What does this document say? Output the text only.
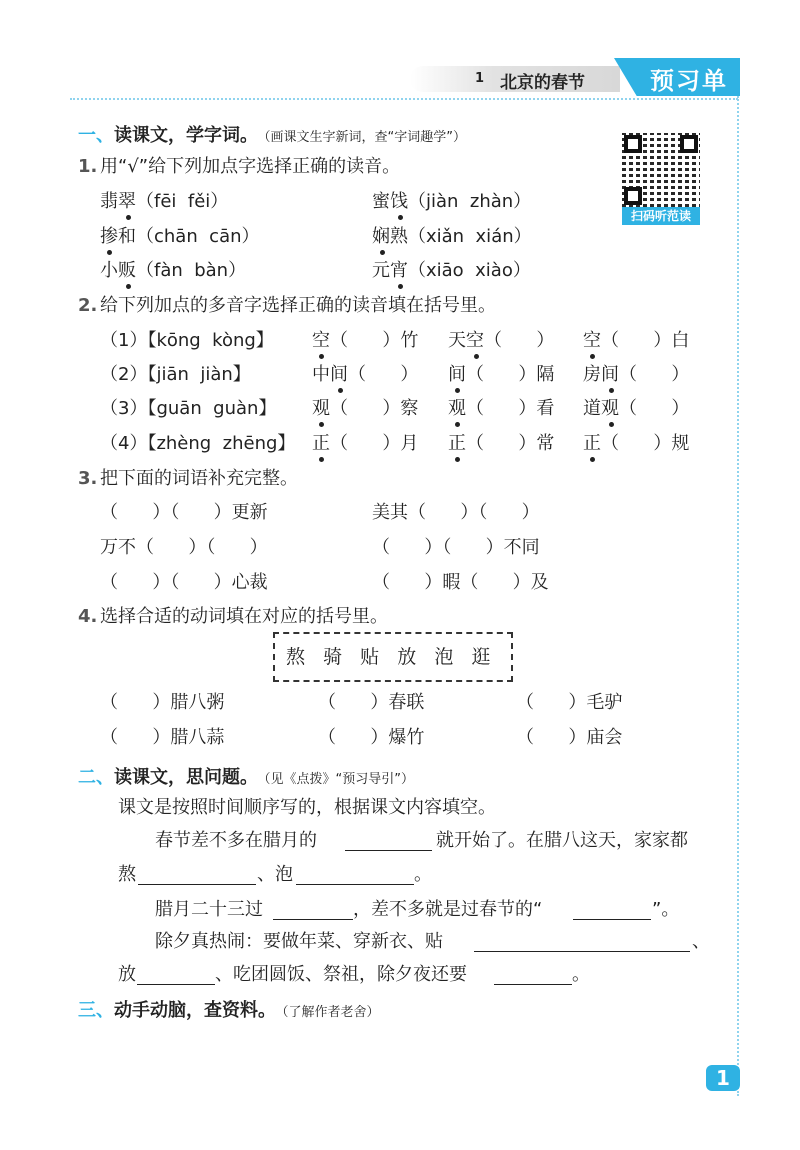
1 北京的春节	预习单
扫码听范读
一、读课文，学字词。 （画课文生字新词，查“字词趣学”）
1. 用“√”给下列加点字选择正确的读音。
翡翠（fēi  fěi）	蜜饯（jiàn  zhàn）
掺和（chān  cān）	娴熟（xiǎn  xián）
小贩（fàn  bàn）	元宵（xiāo  xiào）
2. 给下列加点的多音字选择正确的读音填在括号里。
（1）【kōng  kòng】 空（      ）竹 天空（      ） 空（      ）白
（2）【jiān  jiàn】	中间（      ） 间（      ）隔 房间（      ）
（3）【guān  guàn】 观（      ）察 观（      ）看 道观（      ）
（4）【zhèng  zhēng】 正（      ）月 正（      ）常 正（      ）规
3. 把下面的词语补充完整。
（      ）（      ）更新	美其（      ）（      ）
万不（      ）（      ）	（      ）（      ）不同
（      ）（      ）心裁	（      ）暇（      ）及
4. 选择合适的动词填在对应的括号里。
熬  骑  贴  放  泡  逛
（      ）腊八粥	（      ）春联	（      ）毛驴
（      ）腊八蒜	（      ）爆竹	（      ）庙会
二、读课文，思问题。 （见《点拨》“预习导引”）
课文是按照时间顺序写的，根据课文内容填空。
春节差不多在腊月的	就开始了。在腊八这天，家家都
熬	、泡	。
腊月二十三过	，差不多就是过春节的“	”。
除夕真热闹：要做年菜、穿新衣、贴	、
放	、吃团圆饭、祭祖，除夕夜还要	。
三、动手动脑，查资料。 （了解作者老舍）
1
